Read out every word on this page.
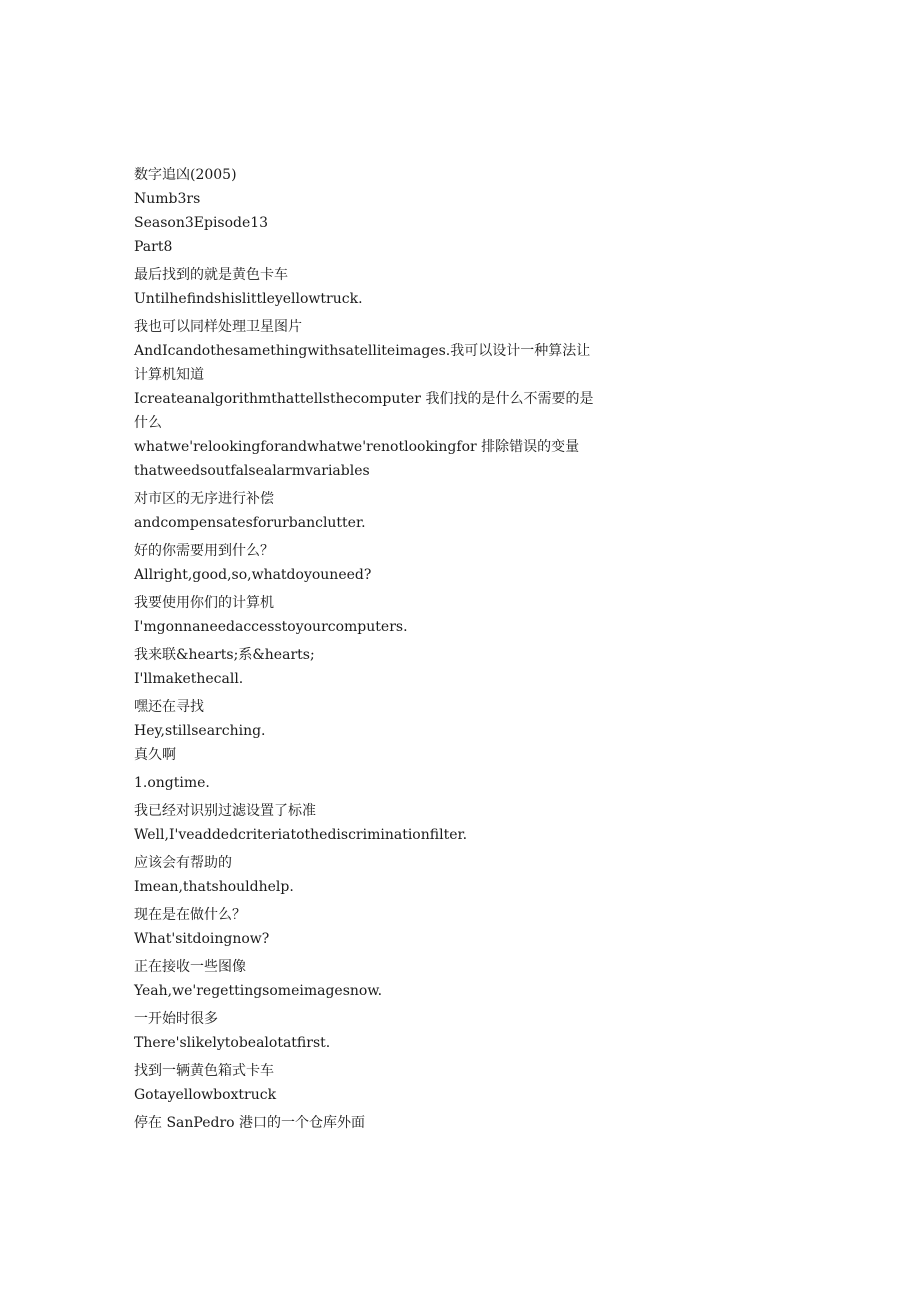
数字追凶(2005)
Numb3rs
Season3Episode13
Part8
最后找到的就是黄色卡车
Untilhefindshislittleyellowtruck.
我也可以同样处理卫星图片
AndIcandothesamethingwithsatelliteimages.我可以设计一种算法让计算机知道
Icreateanalgorithmthattellsthecomputer 我们找的是什么不需要的是什么
whatwe'relookingforandwhatwe'renotlookingfor 排除错误的变量
thatweedsoutfalsealarmvariables
对市区的无序进行补偿
andcompensatesforurbanclutter.
好的你需要用到什么？
Allright,good,so,whatdoyouneed?
我要使用你们的计算机
I'mgonnaneedaccesstoyourcomputers.
我来联&hearts;系&hearts;
I'llmakethecall.
嘿还在寻找
Hey,stillsearching.
真久啊
1.ongtime.
我已经对识别过滤设置了标准
Well,I'veaddedcriteriatothediscriminationfilter.
应该会有帮助的
Imean,thatshouldhelp.
现在是在做什么？
What'sitdoingnow?
正在接收一些图像
Yeah,we'regettingsomeimagesnow.
一开始时很多
There'slikelytobealotatfirst.
找到一辆黄色箱式卡车
Gotayellowboxtruck
停在 SanPedro 港口的一个仓库外面
